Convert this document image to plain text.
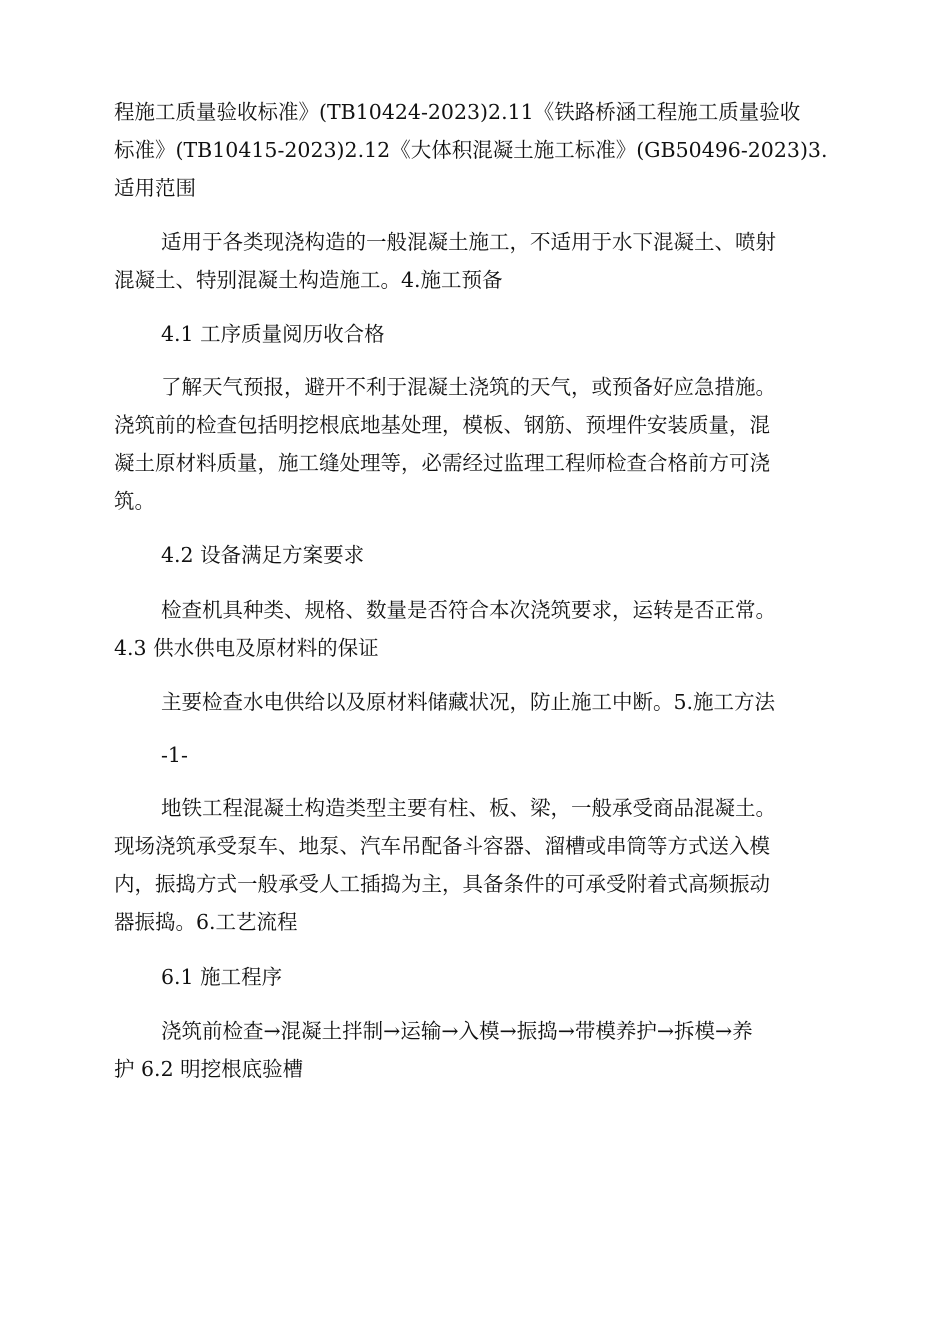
程施工质量验收标准》(TB10424-2023)2.11《铁路桥涵工程施工质量验收
标准》(TB10415-2023)2.12《大体积混凝土施工标准》(GB50496-2023)3.
适用范围
适用于各类现浇构造的一般混凝土施工，不适用于水下混凝土、喷射
混凝土、特别混凝土构造施工。4.施工预备
4.1 工序质量阅历收合格
了解天气预报，避开不利于混凝土浇筑的天气，或预备好应急措施。
浇筑前的检查包括明挖根底地基处理，模板、钢筋、预埋件安装质量，混
凝土原材料质量，施工缝处理等，必需经过监理工程师检查合格前方可浇
筑。
4.2 设备满足方案要求
检查机具种类、规格、数量是否符合本次浇筑要求，运转是否正常。
4.3 供水供电及原材料的保证
主要检查水电供给以及原材料储藏状况，防止施工中断。5.施工方法
-1-
地铁工程混凝土构造类型主要有柱、板、梁，一般承受商品混凝土。
现场浇筑承受泵车、地泵、汽车吊配备斗容器、溜槽或串筒等方式送入模
内，振捣方式一般承受人工插捣为主，具备条件的可承受附着式高频振动
器振捣。6.工艺流程
6.1 施工程序
浇筑前检查→混凝土拌制→运输→入模→振捣→带模养护→拆模→养
护 6.2 明挖根底验槽
